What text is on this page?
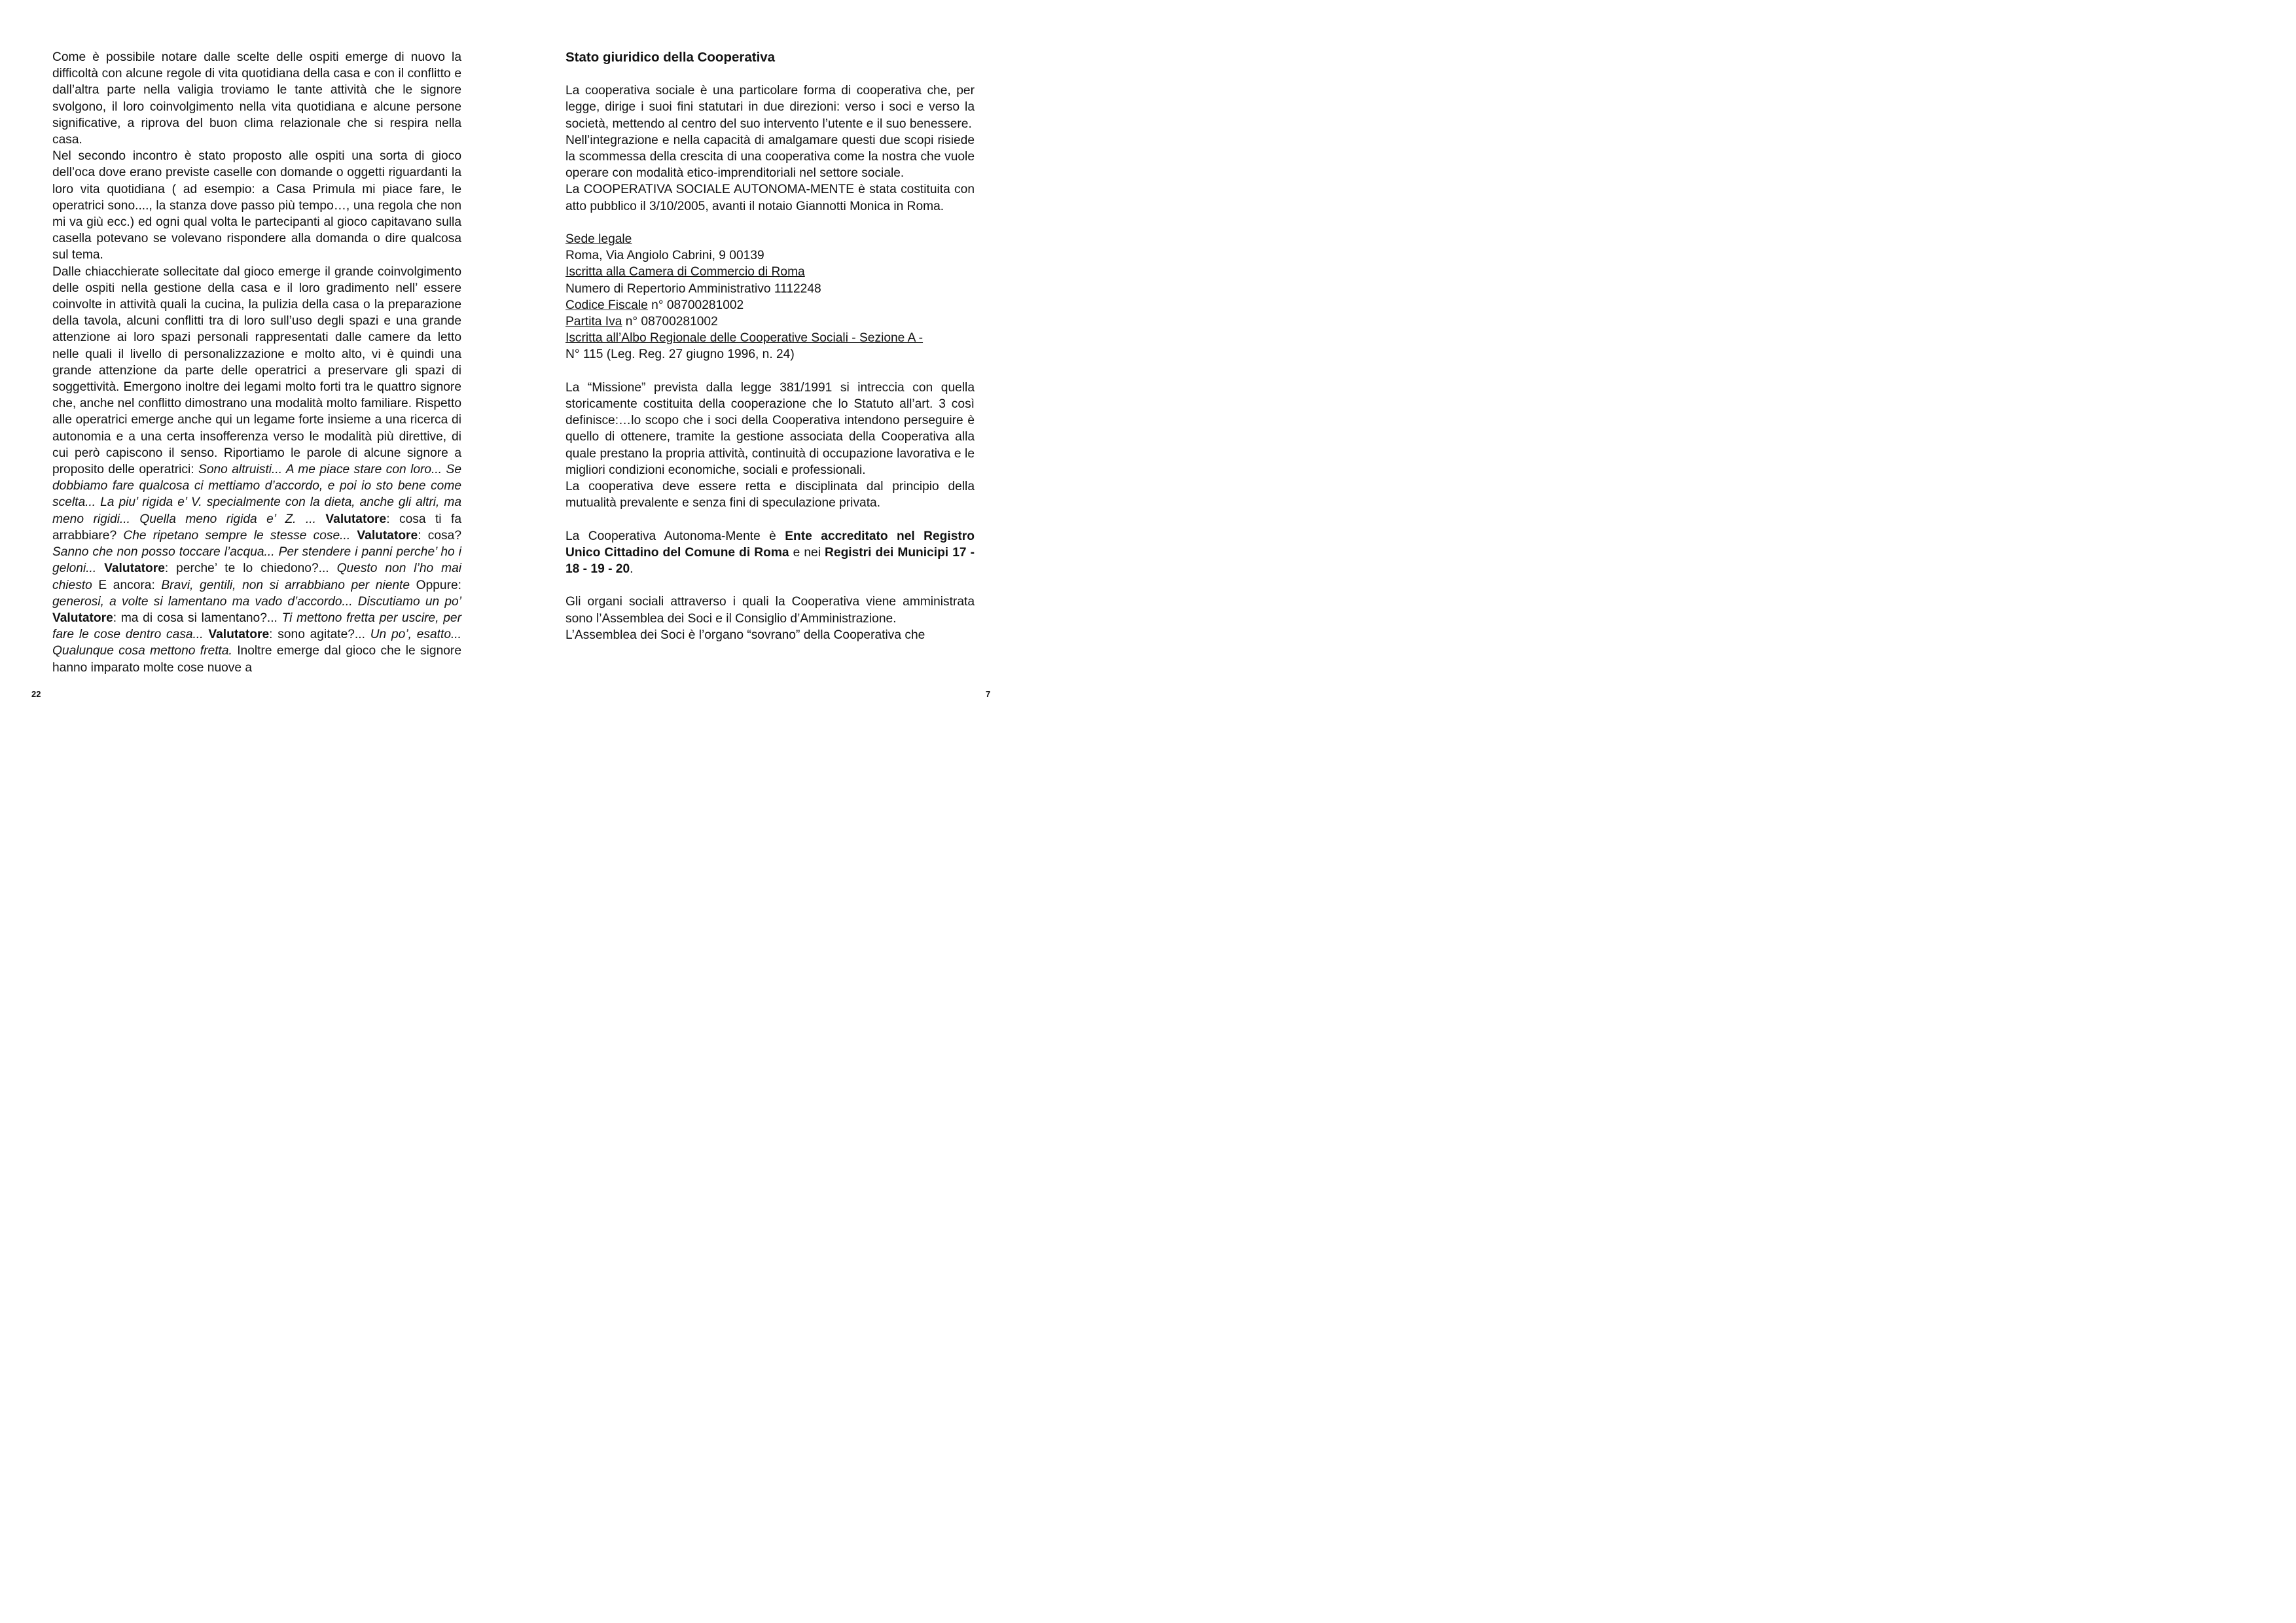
Come è possibile notare dalle scelte delle ospiti emerge di nuovo la difficoltà con alcune regole di vita quotidiana della casa e con il conflitto e dall’altra parte nella valigia troviamo le tante attività che le signore svolgono, il loro coinvolgimento nella vita quotidiana e alcune persone significative, a riprova del buon clima relazionale che si respira nella casa.

Nel secondo incontro è stato proposto alle ospiti una sorta di gioco dell’oca dove erano previste caselle con domande o oggetti riguardanti la loro vita quotidiana ( ad esempio: a Casa Primula mi piace fare, le operatrici sono...., la stanza dove passo più tempo…, una regola che non mi va giù ecc.) ed ogni qual volta le partecipanti al gioco capitavano sulla casella potevano se volevano rispondere alla domanda o dire qualcosa sul tema.

Dalle chiacchierate sollecitate dal gioco emerge il grande coinvolgimento delle ospiti nella gestione della casa e il loro gradimento nell’ essere coinvolte in attività quali la cucina, la pulizia della casa o la preparazione della tavola, alcuni conflitti tra di loro sull’uso degli spazi e una grande attenzione ai loro spazi personali rappresentati dalle camere da letto nelle quali il livello di personalizzazione e molto alto, vi è quindi una grande attenzione da parte delle operatrici a preservare gli spazi di soggettività. Emergono inoltre dei legami molto forti tra le quattro signore che, anche nel conflitto dimostrano una modalità molto familiare. Rispetto alle operatrici emerge anche qui un legame forte insieme a una ricerca di autonomia e a una certa insofferenza verso le modalità più direttive, di cui però capiscono il senso. Riportiamo le parole di alcune signore a proposito delle operatrici: Sono altruisti... A me piace stare con loro... Se dobbiamo fare qualcosa ci mettiamo d’accordo, e poi io sto bene come scelta... La piu’ rigida e’ V. specialmente con la dieta, anche gli altri, ma meno rigidi... Quella meno rigida e’ Z. ... Valutatore: cosa ti fa arrabbiare? Che ripetano sempre le stesse cose... Valutatore: cosa? Sanno che non posso toccare l’acqua... Per stendere i panni perche’ ho i geloni... Valutatore: perche’ te lo chiedono?... Questo non l’ho mai chiesto E ancora: Bravi, gentili, non si arrabbiano per niente Oppure: generosi, a volte si lamentano ma vado d’accordo... Discutiamo un po’ Valutatore: ma di cosa si lamentano?... Ti mettono fretta per uscire, per fare le cose dentro casa... Valutatore: sono agitate?... Un po’, esatto... Qualunque cosa mettono fretta. Inoltre emerge dal gioco che le signore hanno imparato molte cose nuove a

22

Stato giuridico della Cooperativa

La cooperativa sociale è una particolare forma di cooperativa che, per legge, dirige i suoi fini statutari in due direzioni: verso i soci e verso la società, mettendo al centro del suo intervento l’utente e il suo benessere.

Nell’integrazione e nella capacità di amalgamare questi due scopi risiede la scommessa della crescita di una cooperativa come la nostra che vuole operare con modalità etico-imprenditoriali nel settore sociale.

La COOPERATIVA SOCIALE AUTONOMA-MENTE è stata costituita con atto pubblico il 3/10/2005, avanti il notaio Giannotti Monica in Roma.

Sede legale

Roma, Via Angiolo Cabrini, 9 00139

Iscritta alla Camera di Commercio di Roma

Numero di Repertorio Amministrativo 1112248

Codice Fiscale n° 08700281002

Partita Iva n° 08700281002

Iscritta all’Albo Regionale delle Cooperative Sociali - Sezione A -

N° 115 (Leg. Reg. 27 giugno 1996, n. 24)

La “Missione” prevista dalla legge 381/1991 si intreccia con quella storicamente costituita della cooperazione che lo Statuto all’art. 3 così definisce:…lo scopo che i soci della Cooperativa intendono perseguire è quello di ottenere, tramite la gestione associata della Cooperativa alla quale prestano la propria attività, continuità di occupazione lavorativa e le migliori condizioni economiche, sociali e professionali.

La cooperativa deve essere retta e disciplinata dal principio della mutualità prevalente e senza fini di speculazione privata.

La Cooperativa Autonoma-Mente è Ente accreditato nel Registro Unico Cittadino del Comune di Roma e nei Registri dei Municipi 17 - 18 - 19 - 20.

Gli organi sociali attraverso i quali la Cooperativa viene amministrata sono l’Assemblea dei Soci e il Consiglio d’Amministrazione.

L’Assemblea dei Soci è l’organo “sovrano” della Cooperativa che

7
